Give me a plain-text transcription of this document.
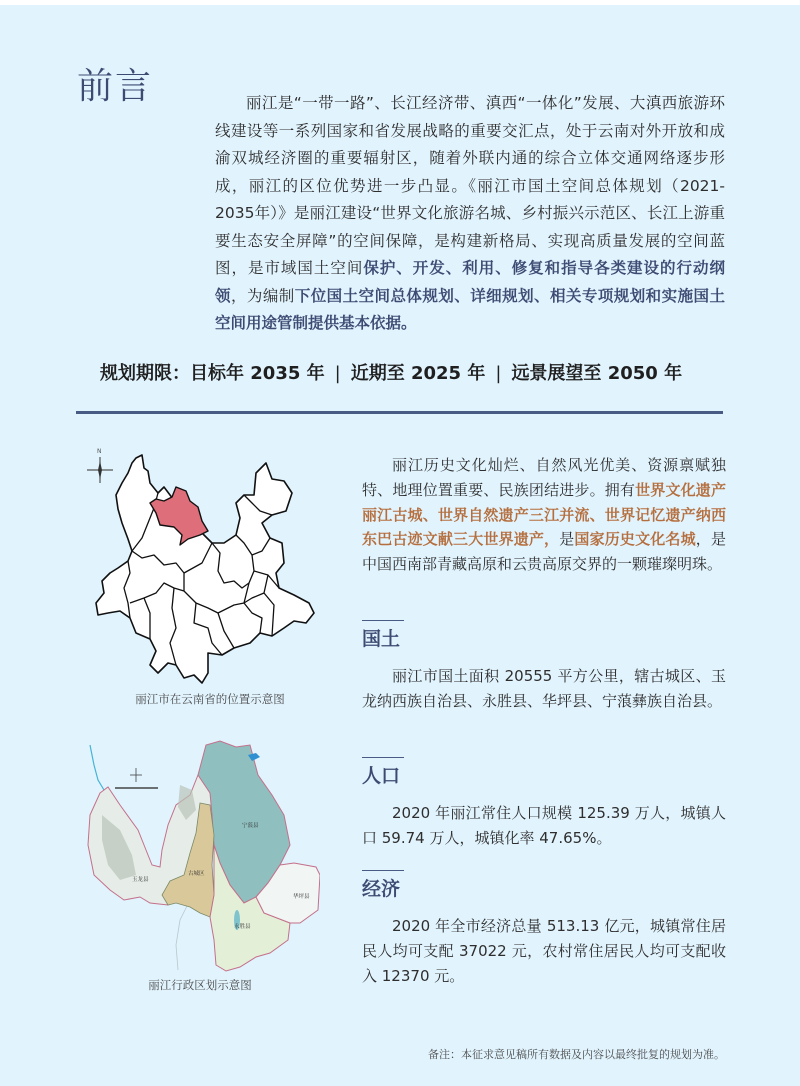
前言	丽江是“一带一路”、长江经济带、滇西“一体化”发展、大滇西旅游环线建设等一系列国家和省发展战略的重要交汇点，处于云南对外开放和成渝双城经济圈的重要辐射区，随着外联内通的综合立体交通网络逐步形成，丽江的区位优势进一步凸显。《丽江市国土空间总体规划（2021-2035年）》是丽江建设“世界文化旅游名城、乡村振兴示范区、长江上游重要生态安全屏障”的空间保障，是构建新格局、实现高质量发展的空间蓝图，是市域国土空间保护、开发、利用、修复和指导各类建设的行动纲领，为编制下位国土空间总体规划、详细规划、相关专项规划和实施国土空间用途管制提供基本依据。
规划期限：目标年 2035 年 | 近期至 2025 年 | 远景展望至 2050 年
N
丽江市在云南省的位置示意图
宁蒗县
古城区
玉龙县
华坪县
永胜县
丽江行政区划示意图
丽江历史文化灿烂、自然风光优美、资源禀赋独特、地理位置重要、民族团结进步。拥有世界文化遗产丽江古城、世界自然遗产三江并流、世界记忆遗产纳西东巴古迹文献三大世界遗产，是国家历史文化名城，是中国西南部青藏高原和云贵高原交界的一颗璀璨明珠。
国土

丽江市国土面积 20555 平方公里，辖古城区、玉龙纳西族自治县、永胜县、华坪县、宁蒗彝族自治县。

人口

2020 年丽江常住人口规模 125.39 万人，城镇人口 59.74 万人，城镇化率 47.65%。

经济

2020 年全市经济总量 513.13 亿元，城镇常住居民人均可支配 37022 元，农村常住居民人均可支配收入 12370 元。

备注：本征求意见稿所有数据及内容以最终批复的规划为准。
